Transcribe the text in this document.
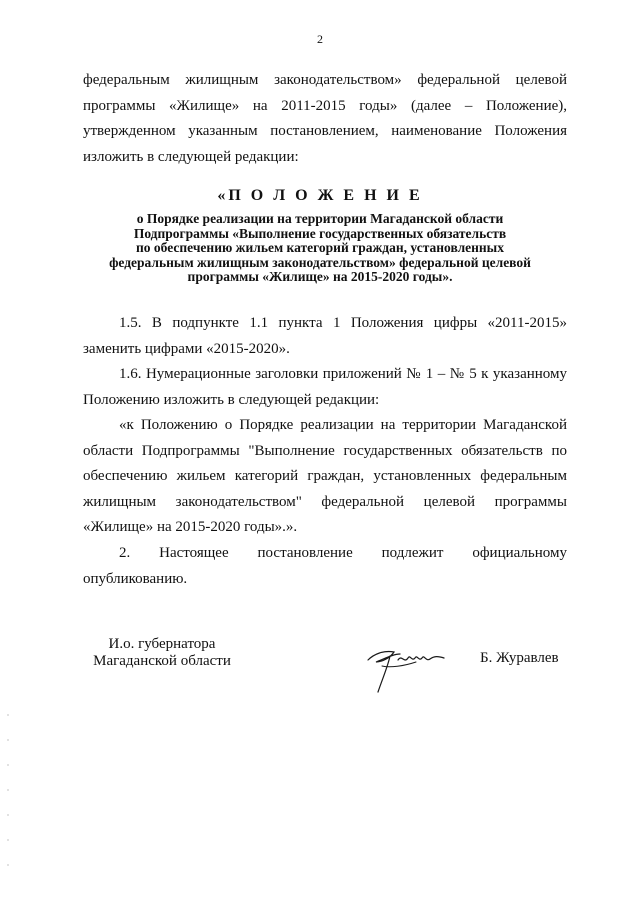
2
федеральным жилищным законодательством» федеральной целевой
программы «Жилище» на 2011-2015 годы» (далее – Положение),
утвержденном указанным постановлением, наименование Положения
изложить в следующей редакции:
«П О Л О Ж Е Н И Е
о Порядке реализации на территории Магаданской области
Подпрограммы «Выполнение государственных обязательств
по обеспечению жильем категорий граждан, установленных
федеральным жилищным законодательством» федеральной целевой
программы «Жилище» на 2015-2020 годы».
1.5. В подпункте 1.1 пункта 1 Положения цифры «2011-2015»
заменить цифрами «2015-2020».
1.6. Нумерационные заголовки приложений № 1 – № 5 к указанному
Положению изложить в следующей редакции:
«к Положению о Порядке реализации на территории Магаданской
области Подпрограммы "Выполнение государственных обязательств по
обеспечению жильем категорий граждан, установленных федеральным
жилищным законодательством" федеральной целевой программы
«Жилище» на 2015-2020 годы».».
2. Настоящее постановление подлежит официальному
опубликованию.
И.о. губернатора
Магаданской области	Б. Журавлев
